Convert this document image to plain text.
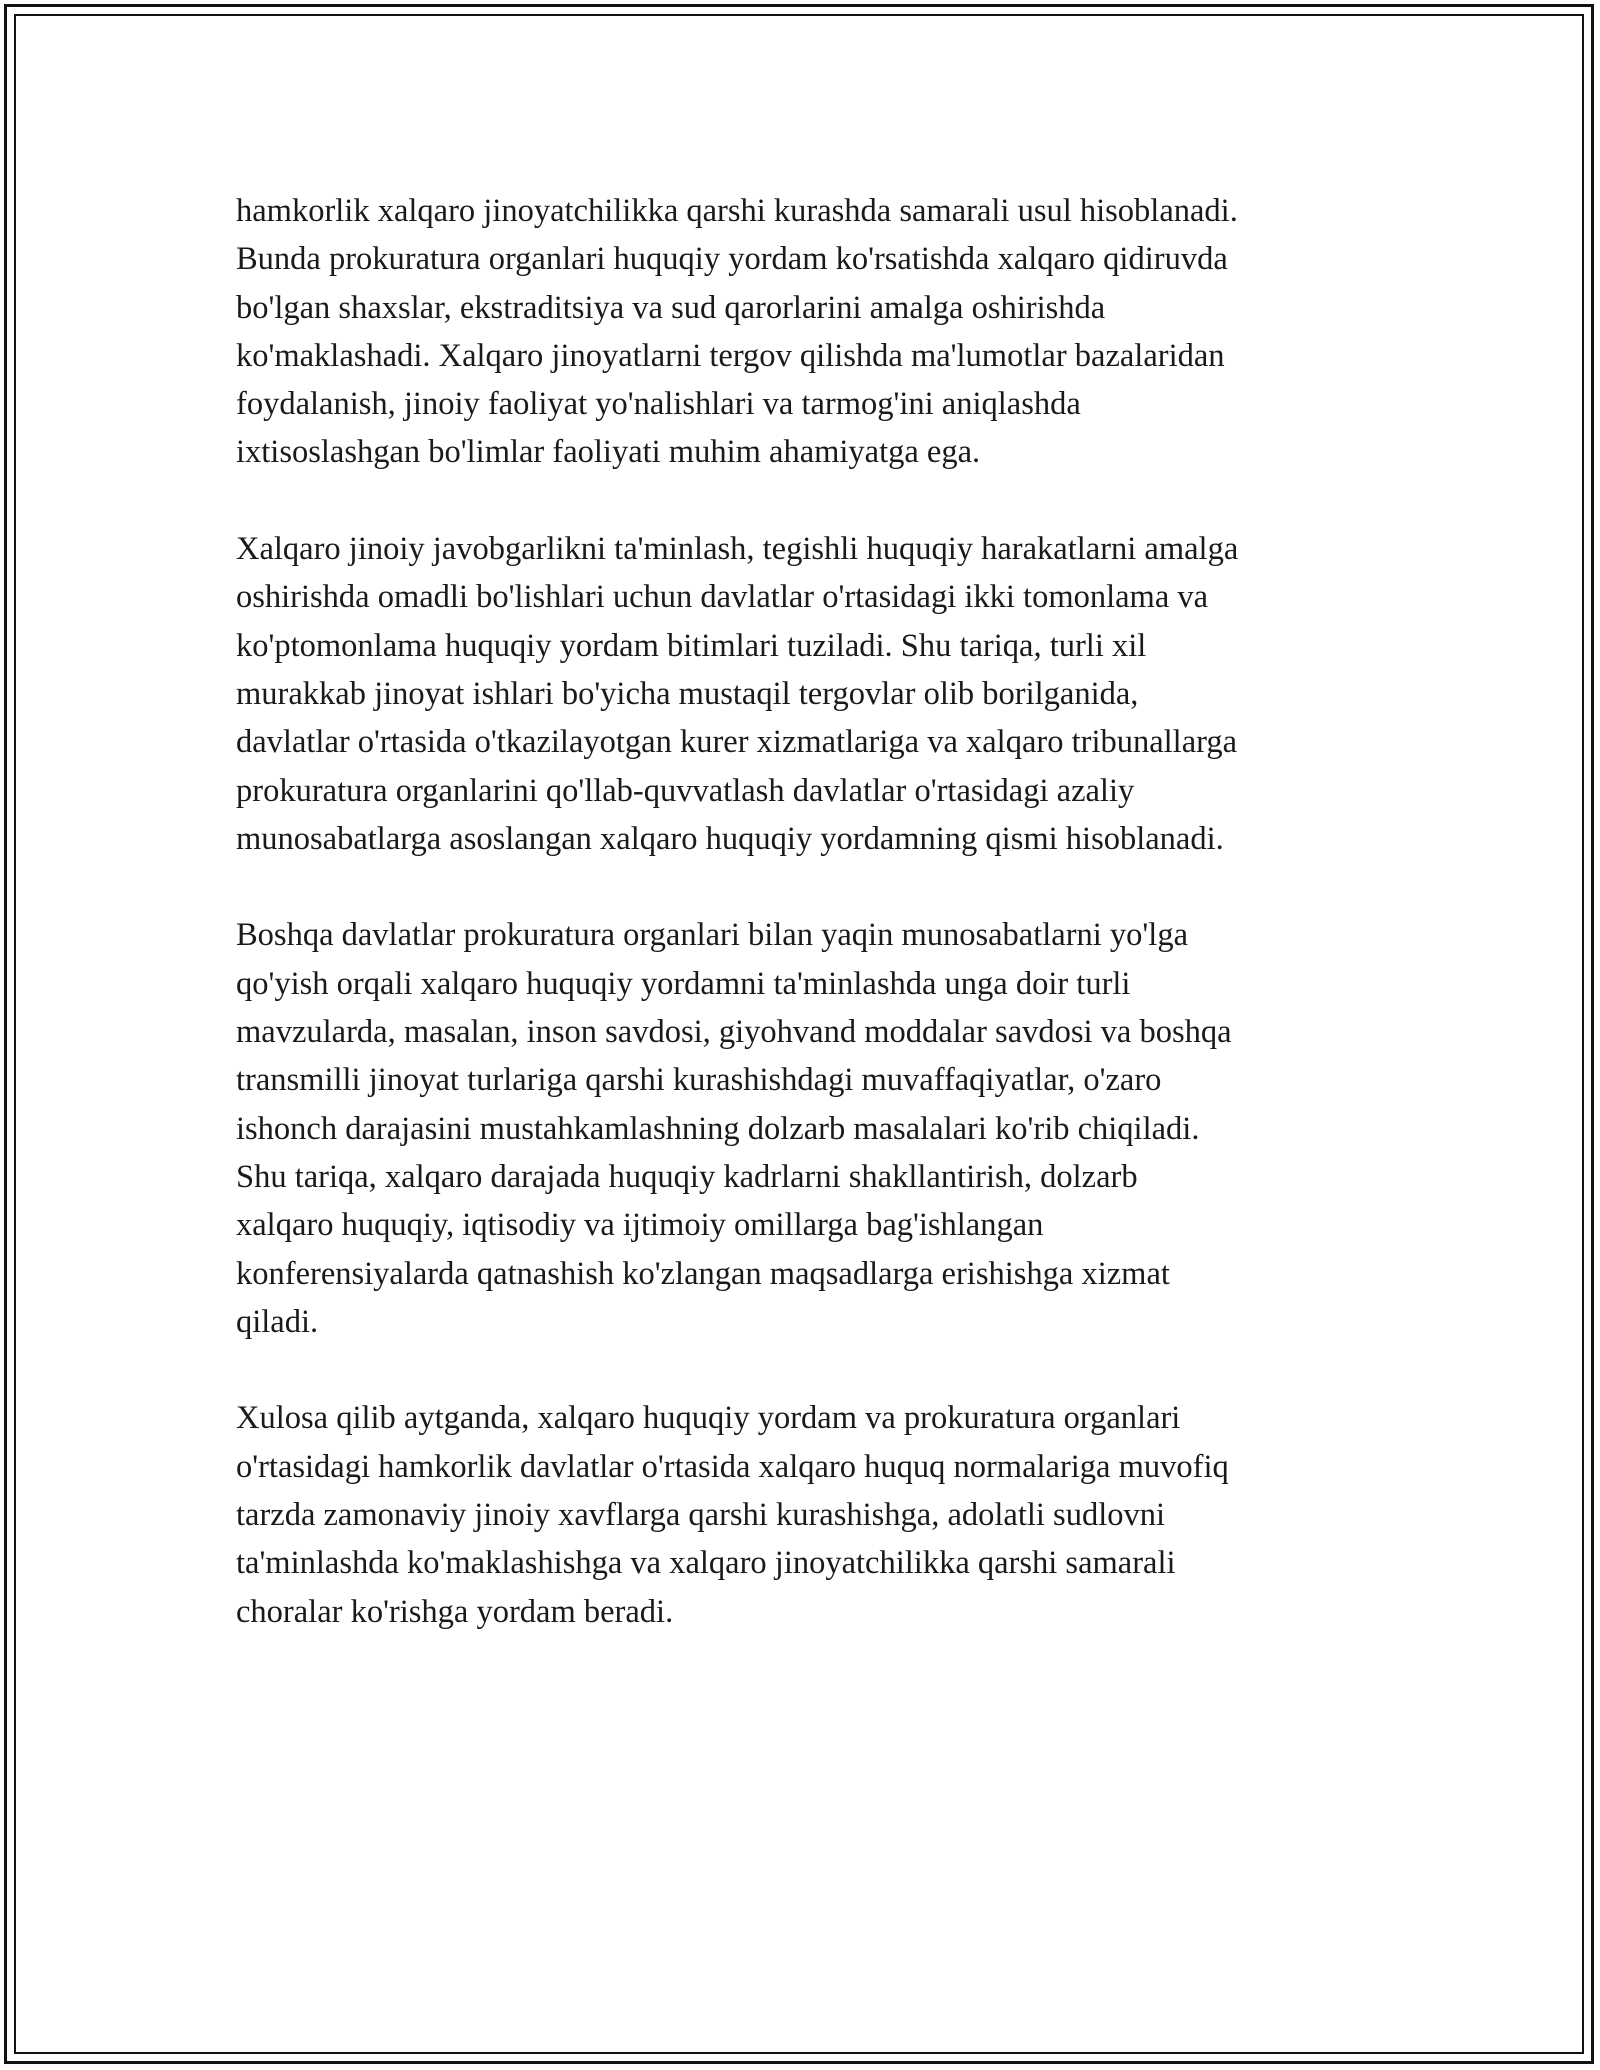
hamkorlik xalqaro jinoyatchilikka qarshi kurashda samarali usul hisoblanadi.
Bunda prokuratura organlari huquqiy yordam ko'rsatishda xalqaro qidiruvda
bo'lgan shaxslar, ekstraditsiya va sud qarorlarini amalga oshirishda
ko'maklashadi. Xalqaro jinoyatlarni tergov qilishda ma'lumotlar bazalaridan
foydalanish, jinoiy faoliyat yo'nalishlari va tarmog'ini aniqlashda
ixtisoslashgan bo'limlar faoliyati muhim ahamiyatga ega.

Xalqaro jinoiy javobgarlikni ta'minlash, tegishli huquqiy harakatlarni amalga
oshirishda omadli bo'lishlari uchun davlatlar o'rtasidagi ikki tomonlama va
ko'ptomonlama huquqiy yordam bitimlari tuziladi. Shu tariqa, turli xil
murakkab jinoyat ishlari bo'yicha mustaqil tergovlar olib borilganida,
davlatlar o'rtasida o'tkazilayotgan kurer xizmatlariga va xalqaro tribunallarga
prokuratura organlarini qo'llab-quvvatlash davlatlar o'rtasidagi azaliy
munosabatlarga asoslangan xalqaro huquqiy yordamning qismi hisoblanadi.

Boshqa davlatlar prokuratura organlari bilan yaqin munosabatlarni yo'lga
qo'yish orqali xalqaro huquqiy yordamni ta'minlashda unga doir turli
mavzularda, masalan, inson savdosi, giyohvand moddalar savdosi va boshqa
transmilli jinoyat turlariga qarshi kurashishdagi muvaffaqiyatlar, o'zaro
ishonch darajasini mustahkamlashning dolzarb masalalari ko'rib chiqiladi.
Shu tariqa, xalqaro darajada huquqiy kadrlarni shakllantirish, dolzarb
xalqaro huquqiy, iqtisodiy va ijtimoiy omillarga bag'ishlangan
konferensiyalarda qatnashish ko'zlangan maqsadlarga erishishga xizmat
qiladi.

Xulosa qilib aytganda, xalqaro huquqiy yordam va prokuratura organlari
o'rtasidagi hamkorlik davlatlar o'rtasida xalqaro huquq normalariga muvofiq
tarzda zamonaviy jinoiy xavflarga qarshi kurashishga, adolatli sudlovni
ta'minlashda ko'maklashishga va xalqaro jinoyatchilikka qarshi samarali
choralar ko'rishga yordam beradi.
